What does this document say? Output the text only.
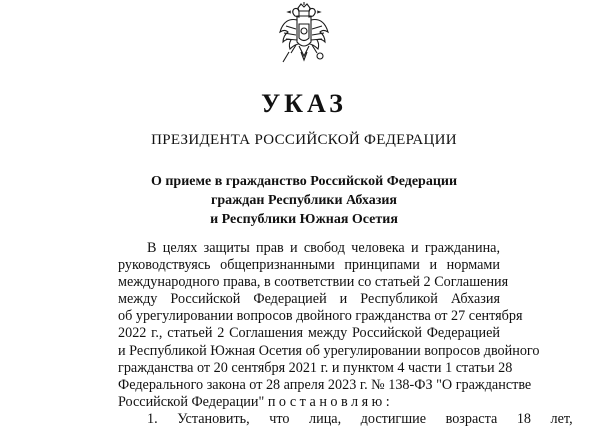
УКАЗ
ПРЕЗИДЕНТА РОССИЙСКОЙ ФЕДЕРАЦИИ
О приеме в гражданство Российской Федерации
граждан Республики Абхазия
и Республики Южная Осетия
В целях защиты прав и свобод человека и гражданина,
руководствуясь общепризнанными принципами и нормами
международного права, в соответствии со статьей 2 Соглашения
между Российской Федерацией и Республикой Абхазия
об урегулировании вопросов двойного гражданства от 27 сентября
2022 г., статьей 2 Соглашения между Российской Федерацией
и Республикой Южная Осетия об урегулировании вопросов двойного
гражданства от 20 сентября 2021 г. и пунктом 4 части 1 статьи 28
Федерального закона от 28 апреля 2023 г. № 138-ФЗ "О гражданстве
Российской Федерации" постановляю:
1. Установить, что лица, достигшие возраста 18 лет,
